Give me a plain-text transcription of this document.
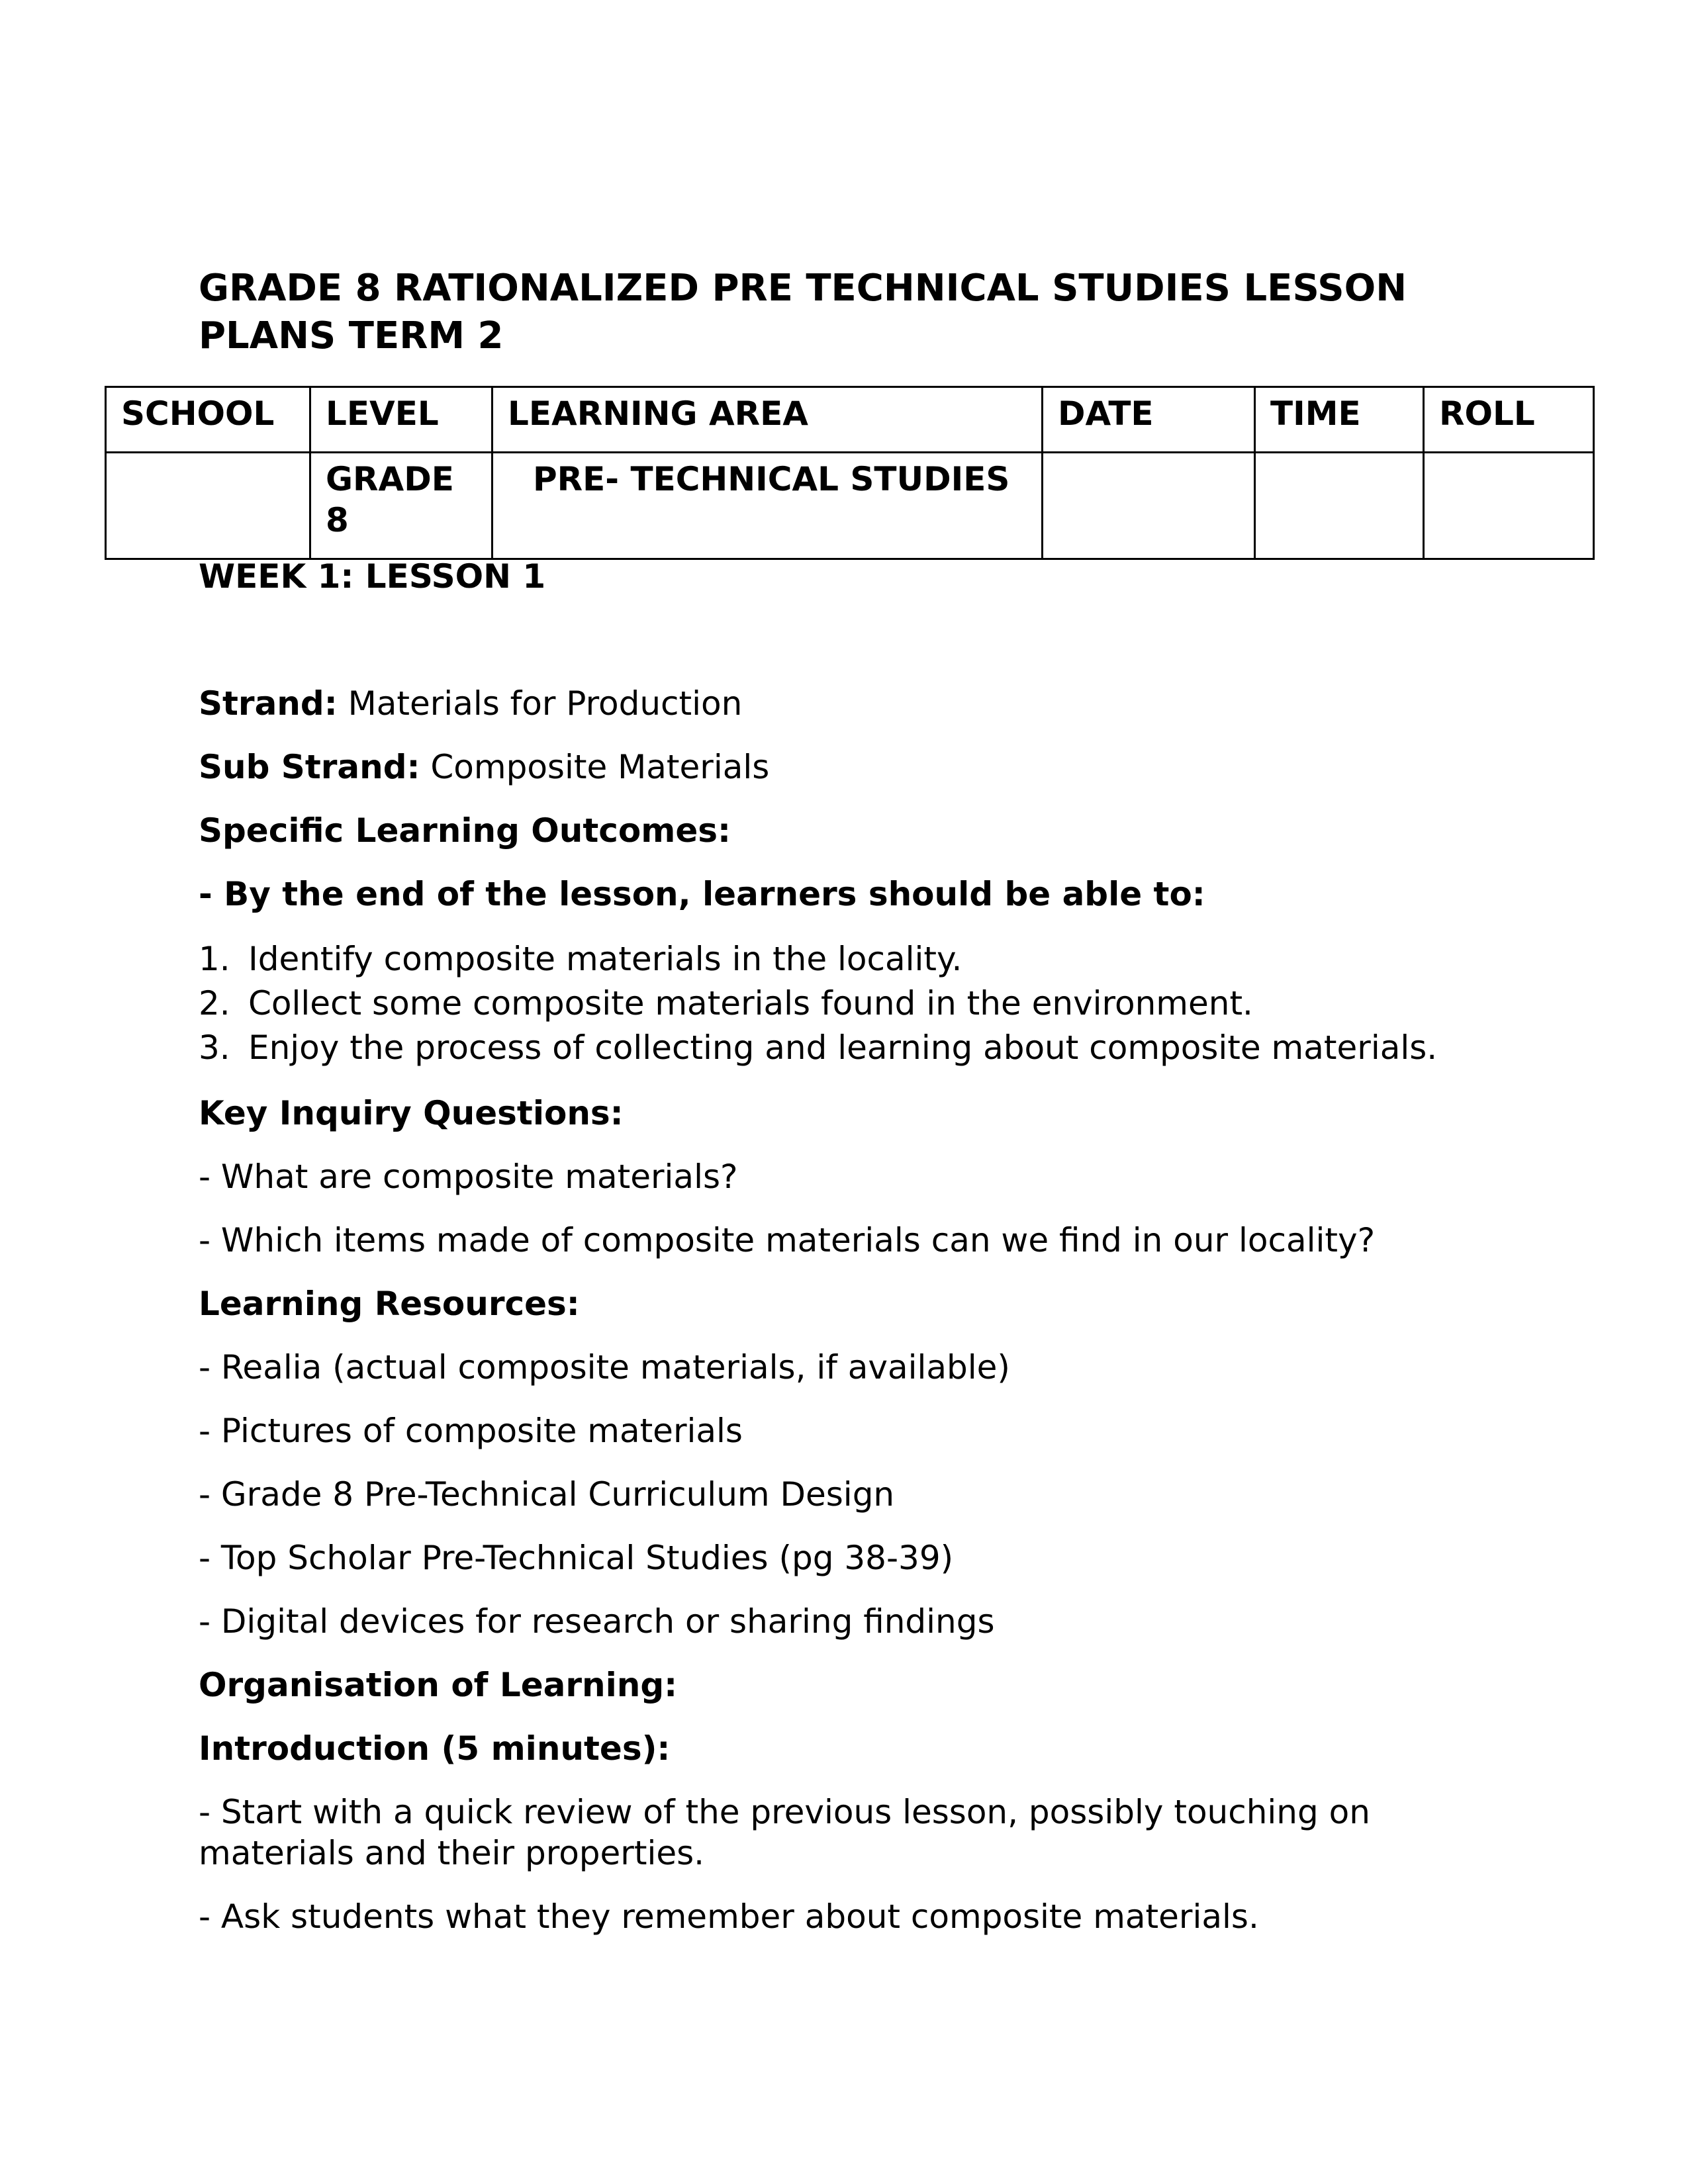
GRADE 8 RATIONALIZED PRE TECHNICAL STUDIES LESSON PLANS TERM 2
SCHOOL	LEVEL	LEARNING AREA	DATE	TIME	ROLL
	GRADE 8	PRE- TECHNICAL STUDIES			

WEEK 1: LESSON 1

Strand: Materials for Production

Sub Strand: Composite Materials

Specific Learning Outcomes:

- By the end of the lesson, learners should be able to:

1. Identify composite materials in the locality.
2. Collect some composite materials found in the environment.
3. Enjoy the process of collecting and learning about composite materials.

Key Inquiry Questions:

- What are composite materials?

- Which items made of composite materials can we find in our locality?

Learning Resources:

- Realia (actual composite materials, if available)

- Pictures of composite materials

- Grade 8 Pre-Technical Curriculum Design

- Top Scholar Pre-Technical Studies (pg 38-39)

- Digital devices for research or sharing findings

Organisation of Learning:

Introduction (5 minutes):

- Start with a quick review of the previous lesson, possibly touching on materials and their properties.

- Ask students what they remember about composite materials.
